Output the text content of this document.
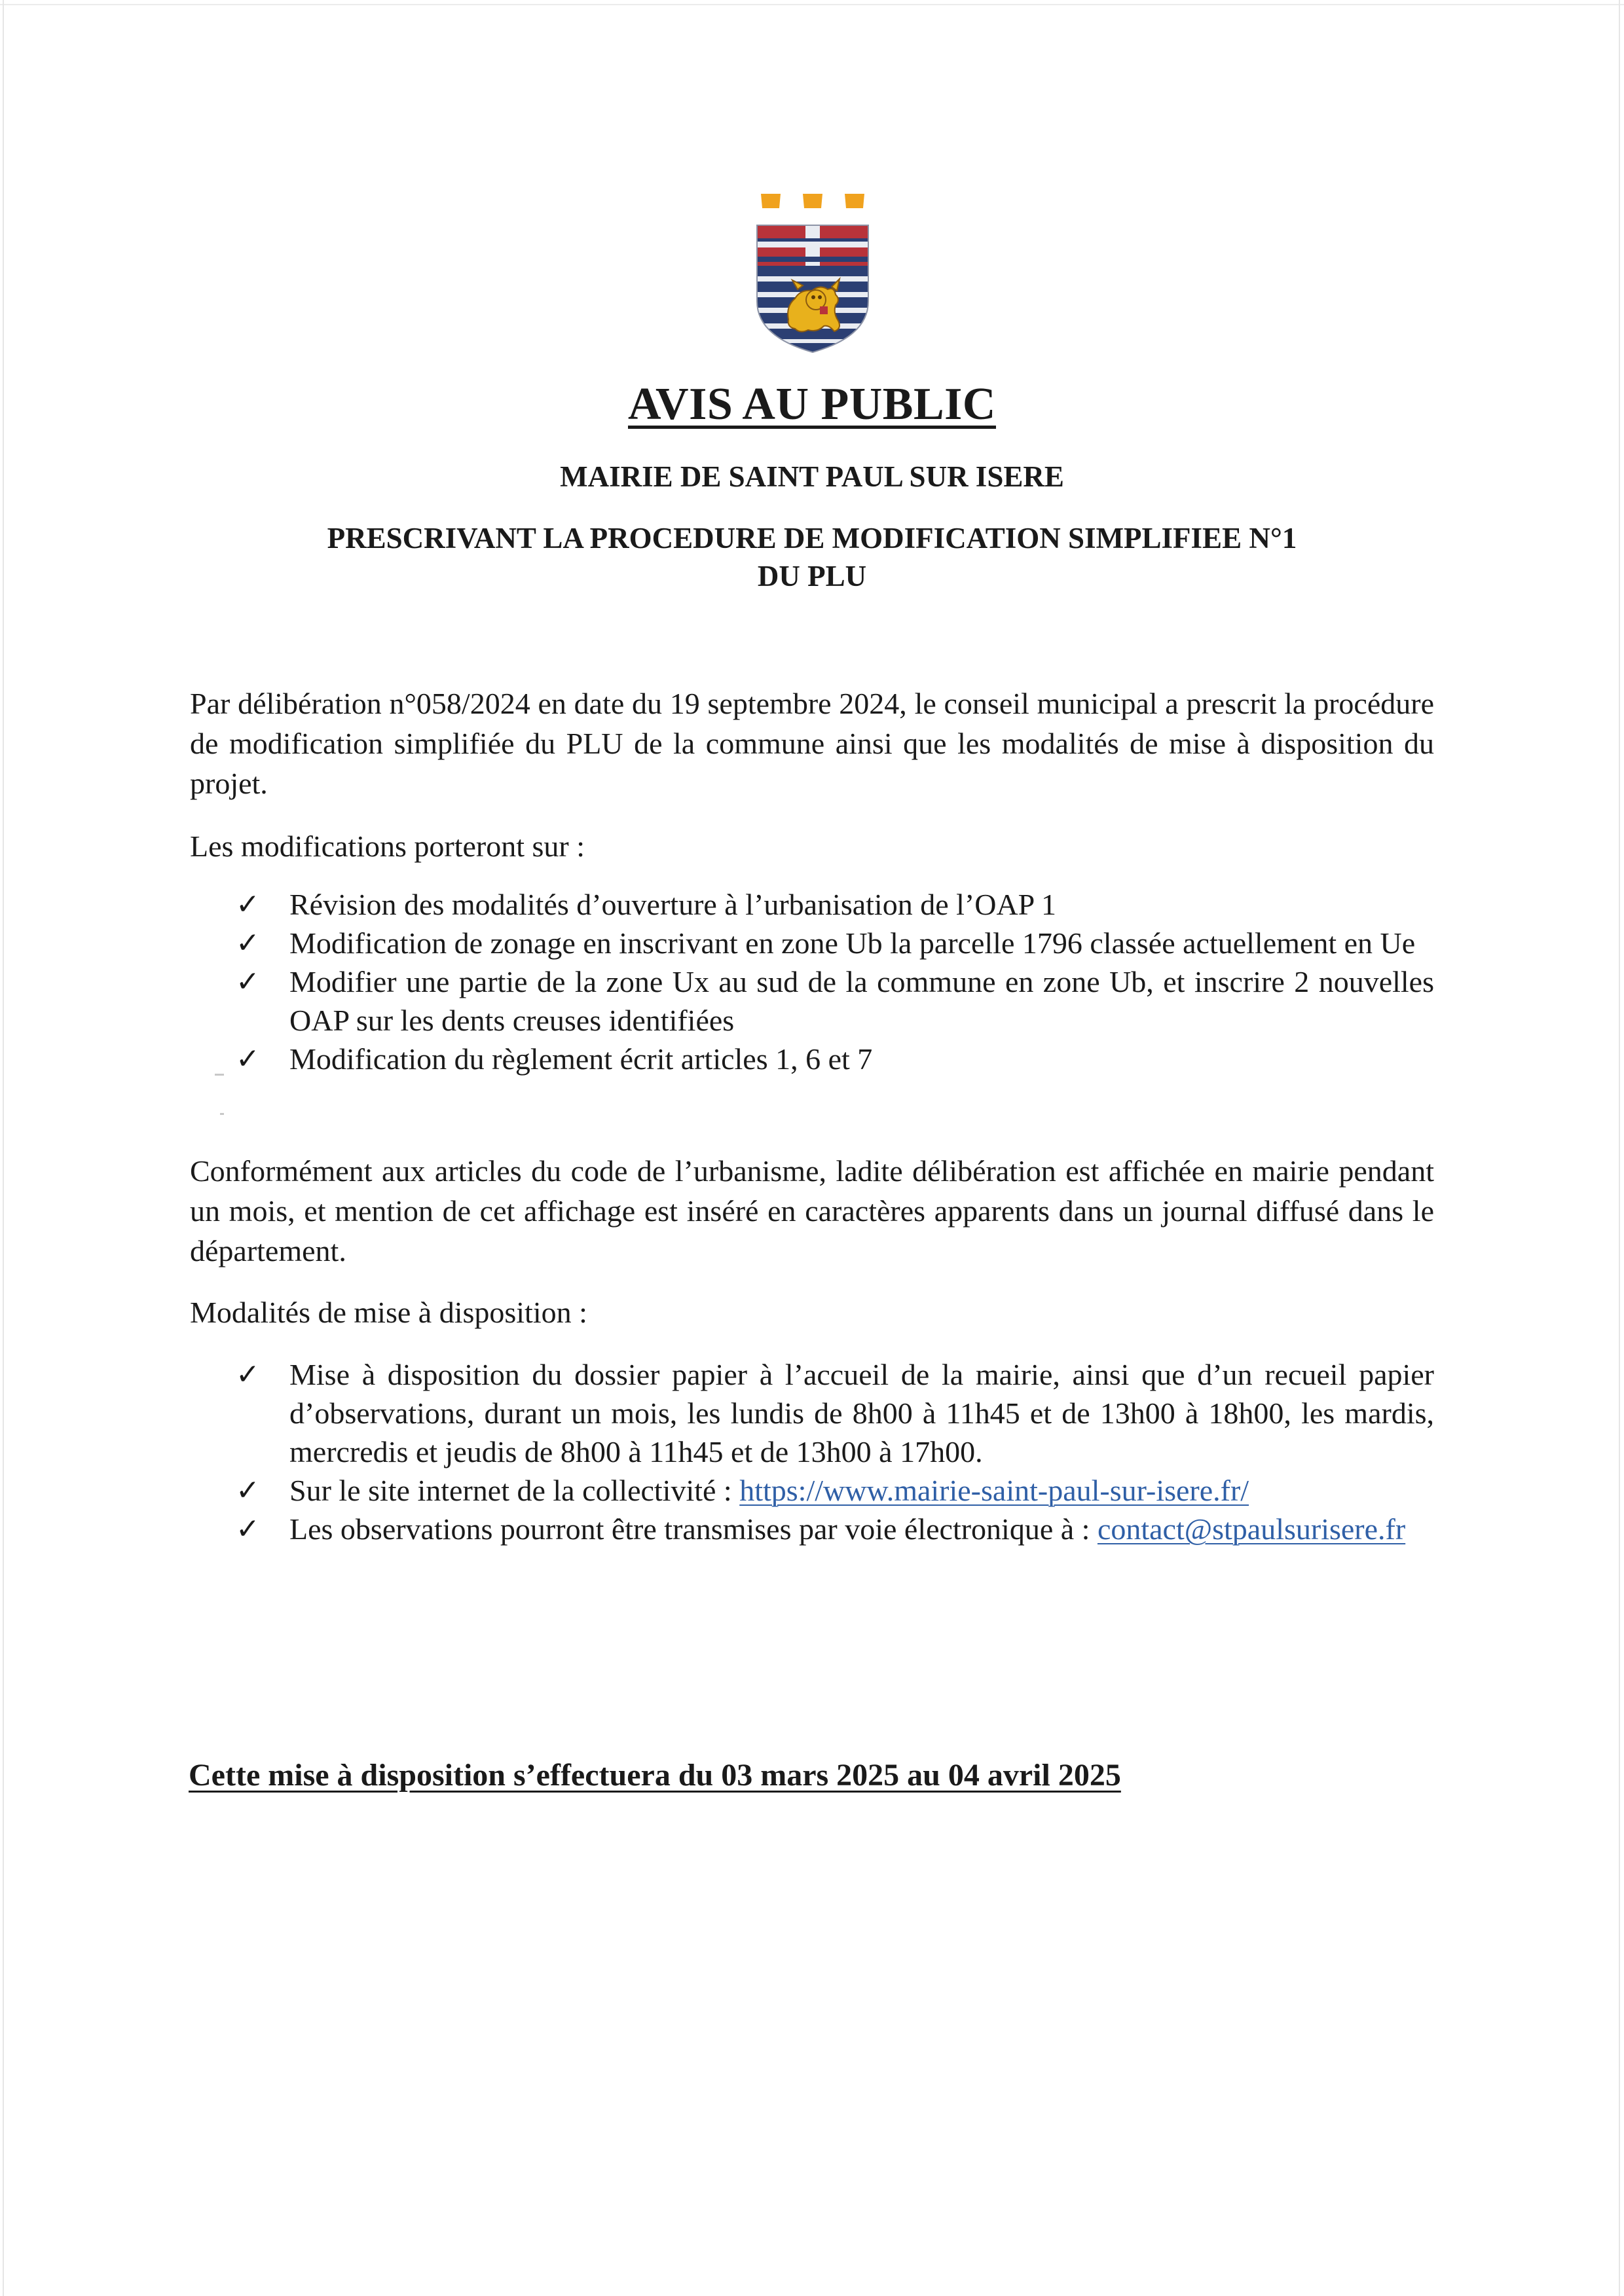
AVIS AU PUBLIC
MAIRIE DE SAINT PAUL SUR ISERE
PRESCRIVANT LA PROCEDURE DE MODIFICATION SIMPLIFIEE N°1
DU PLU

Par délibération n°058/2024 en date du 19 septembre 2024, le conseil municipal a prescrit la procédure de modification simplifiée du PLU de la commune ainsi que les modalités de mise à disposition du projet.

Les modifications porteront sur :

✓ Révision des modalités d’ouverture à l’urbanisation de l’OAP 1
✓ Modification de zonage en inscrivant en zone Ub la parcelle 1796 classée actuellement en Ue
✓ Modifier une partie de la zone Ux au sud de la commune en zone Ub, et inscrire 2 nouvelles OAP sur les dents creuses identifiées
✓ Modification du règlement écrit articles 1, 6 et 7

Conformément aux articles du code de l’urbanisme, ladite délibération est affichée en mairie pendant un mois, et mention de cet affichage est inséré en caractères apparents dans un journal diffusé dans le département.

Modalités de mise à disposition :

✓ Mise à disposition du dossier papier à l’accueil de la mairie, ainsi que d’un recueil papier d’observations, durant un mois, les lundis de 8h00 à 11h45 et de 13h00 à 18h00, les mardis, mercredis et jeudis de 8h00 à 11h45 et de 13h00 à 17h00.
✓ Sur le site internet de la collectivité : https://www.mairie-saint-paul-sur-isere.fr/
✓ Les observations pourront être transmises par voie électronique à : contact@stpaulsurisere.fr

Cette mise à disposition s’effectuera du 03 mars 2025 au 04 avril 2025
